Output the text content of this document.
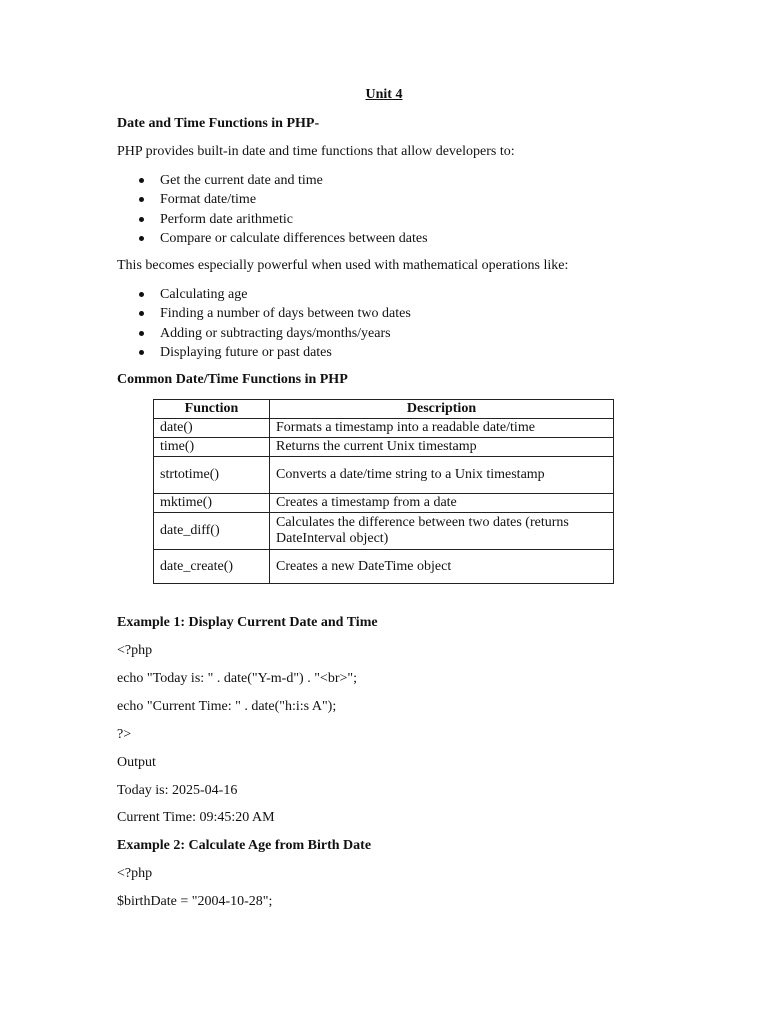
Unit 4
Date and Time Functions in PHP-
PHP provides built-in date and time functions that allow developers to:
Get the current date and time
Format date/time
Perform date arithmetic
Compare or calculate differences between dates
This becomes especially powerful when used with mathematical operations like:
Calculating age
Finding a number of days between two dates
Adding or subtracting days/months/years
Displaying future or past dates
Common Date/Time Functions in PHP
Function	Description
date()	Formats a timestamp into a readable date/time
time()	Returns the current Unix timestamp
strtotime()	Converts a date/time string to a Unix timestamp
mktime()	Creates a timestamp from a date
date_diff()	Calculates the difference between two dates (returns DateInterval object)
date_create()	Creates a new DateTime object
Example 1: Display Current Date and Time
<?php
echo "Today is: " . date("Y-m-d") . "<br>";
echo "Current Time: " . date("h:i:s A");
?>
Output
Today is: 2025-04-16
Current Time: 09:45:20 AM
Example 2: Calculate Age from Birth Date
<?php
$birthDate = "2004-10-28";
